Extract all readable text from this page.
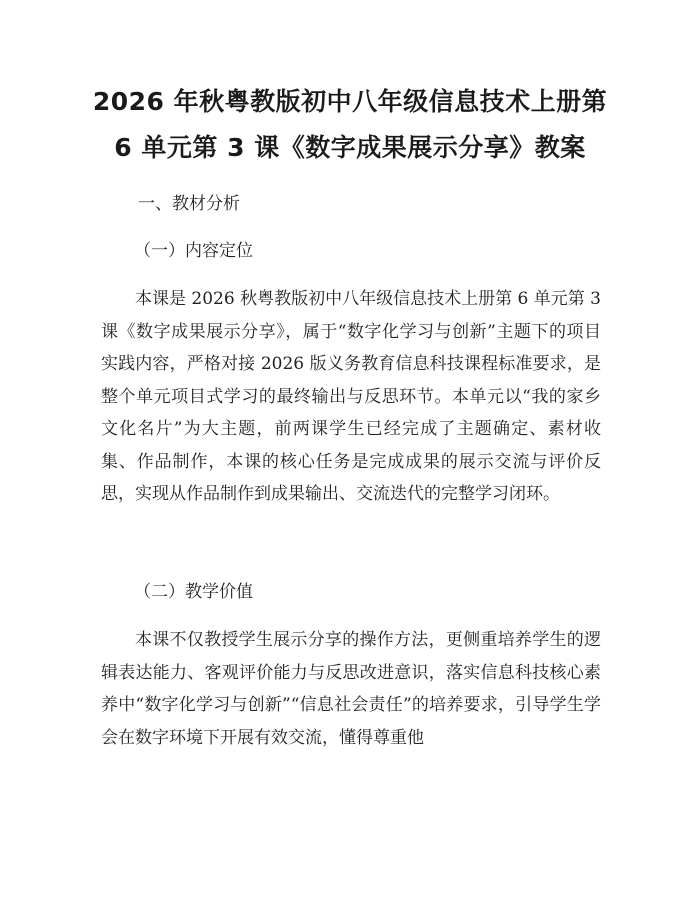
2026 年秋粤教版初中八年级信息技术上册第
6 单元第 3 课《数字成果展示分享》教案
一、教材分析
（一）内容定位
本课是 2026 秋粤教版初中八年级信息技术上册第 6 单元第 3 课《数字成果展示分享》，属于“数字化学习与创新”主题下的项目实践内容，严格对接 2026 版义务教育信息科技课程标准要求，是整个单元项目式学习的最终输出与反思环节。本单元以“我的家乡文化名片”为大主题，前两课学生已经完成了主题确定、素材收集、作品制作，本课的核心任务是完成成果的展示交流与评价反思，实现从作品制作到成果输出、交流迭代的完整学习闭环。
（二）教学价值
本课不仅教授学生展示分享的操作方法，更侧重培养学生的逻辑表达能力、客观评价能力与反思改进意识，落实信息科技核心素养中“数字化学习与创新”“信息社会责任”的培养要求，引导学生学会在数字环境下开展有效交流，懂得尊重他
